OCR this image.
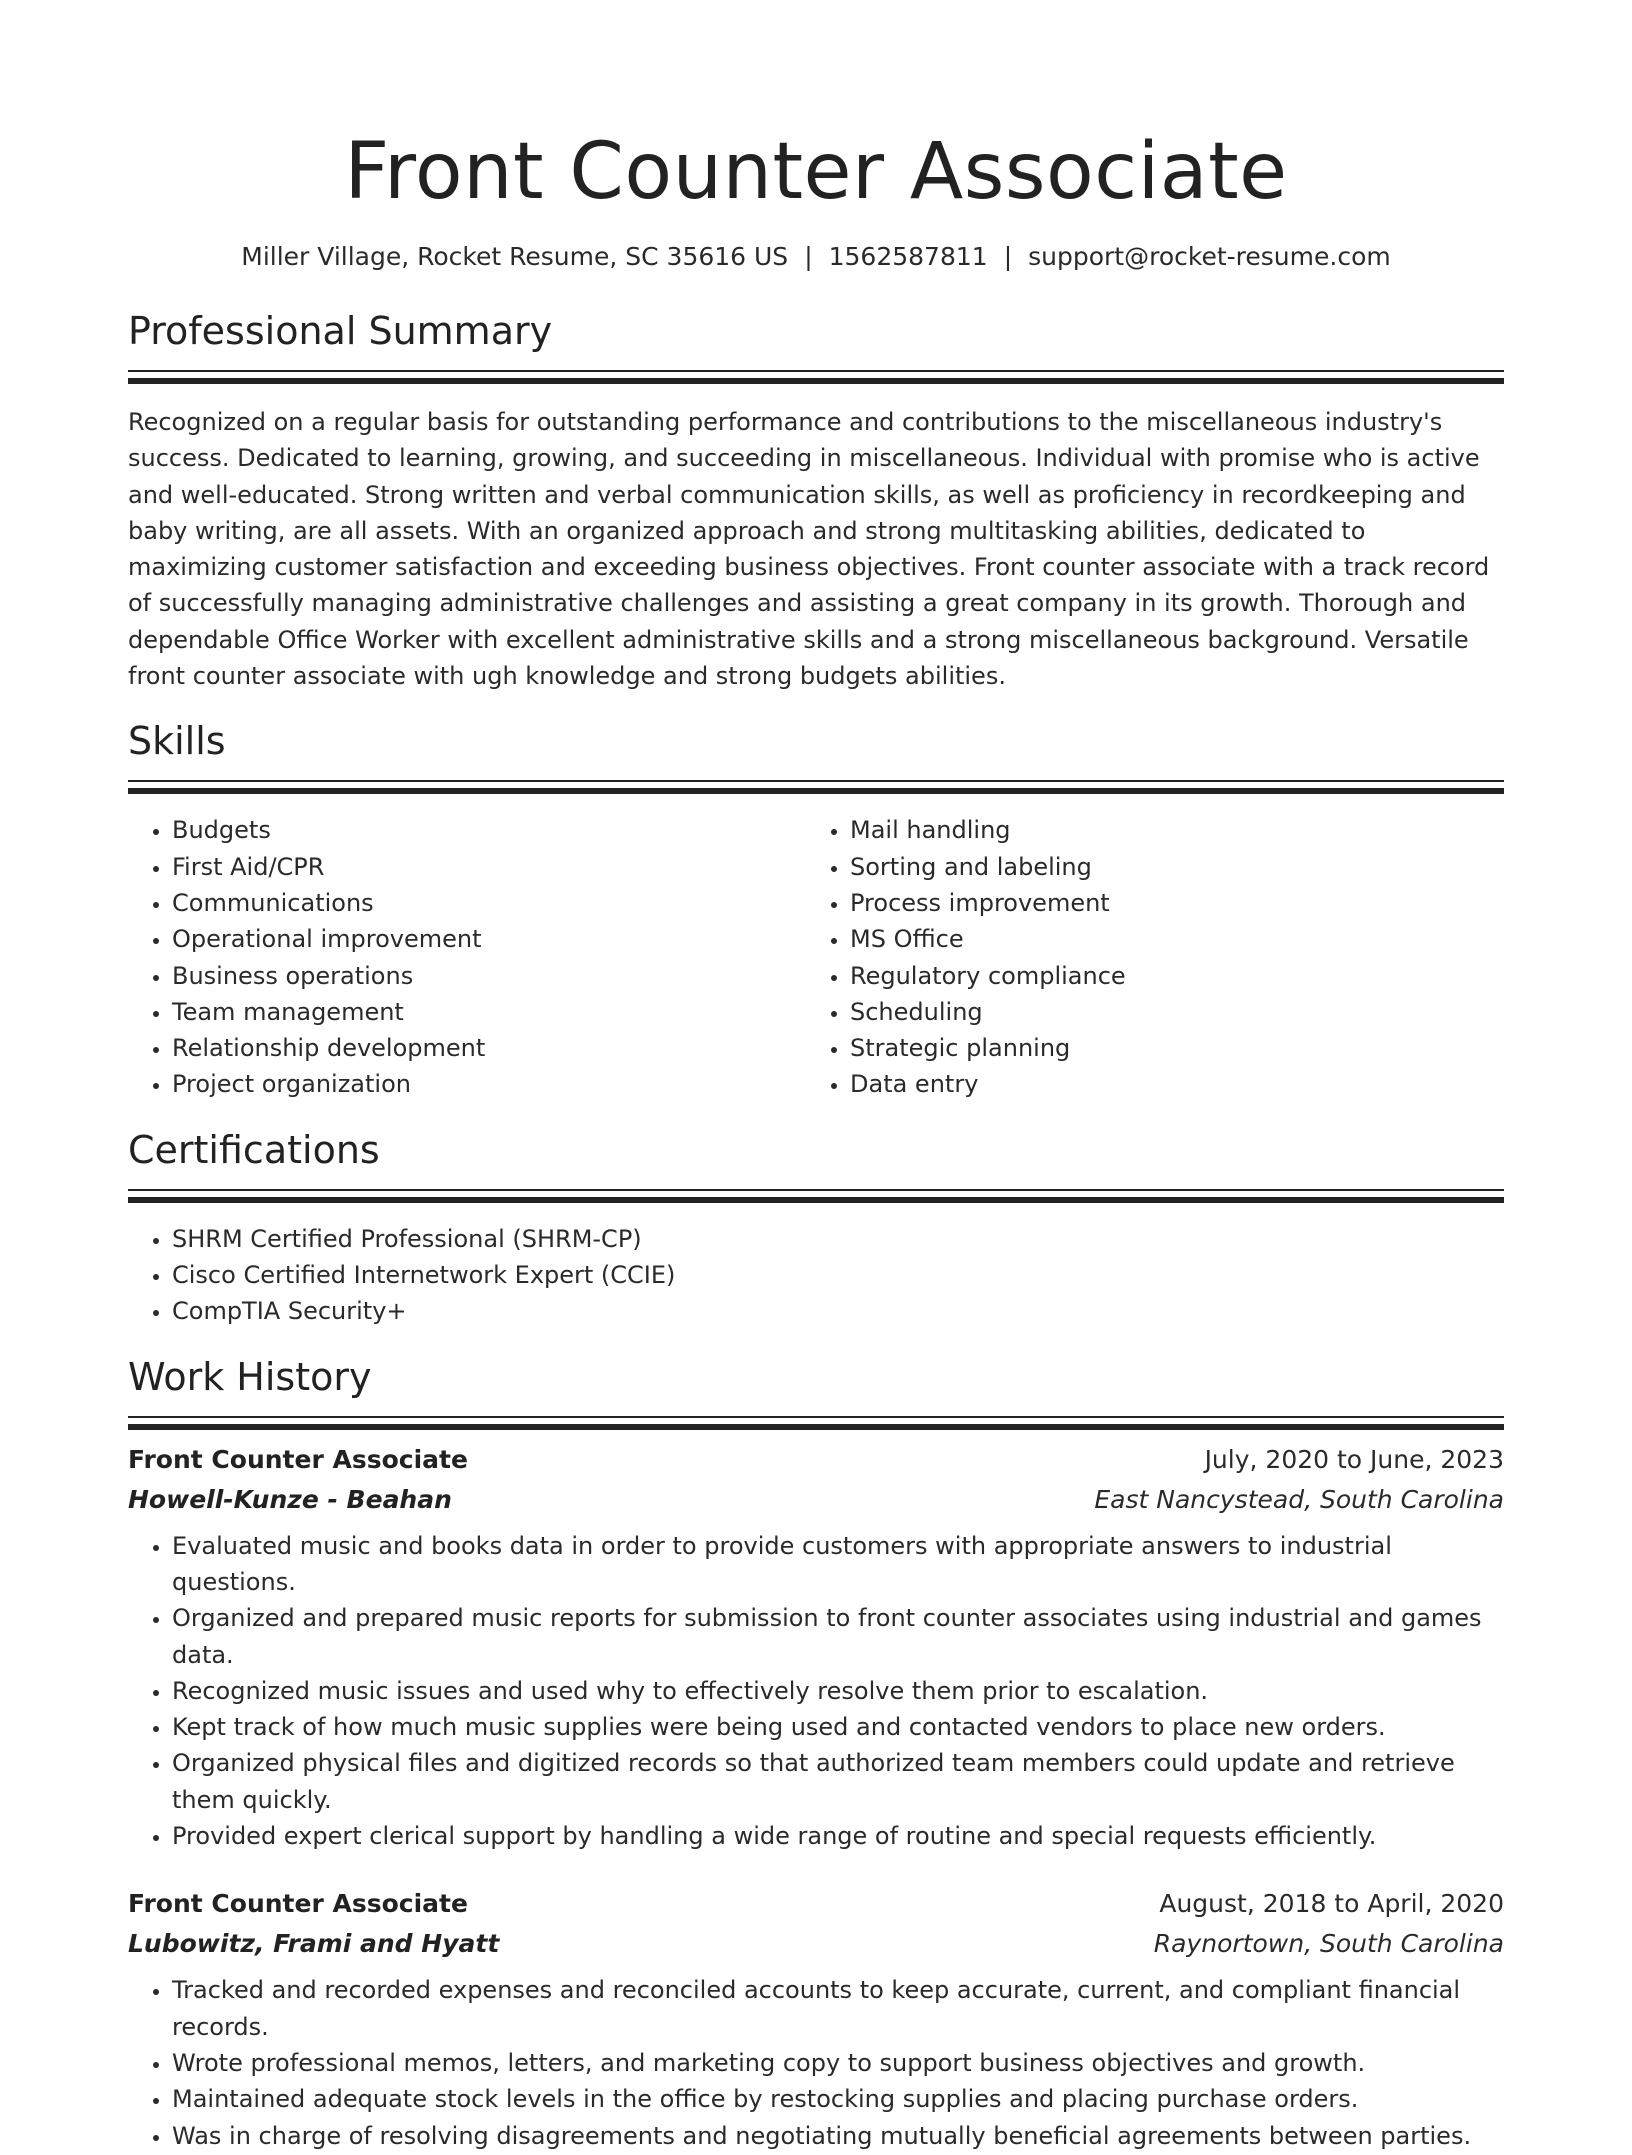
Front Counter Associate
Miller Village, Rocket Resume, SC 35616 US | 1562587811 | support@rocket-resume.com
Professional Summary

Recognized on a regular basis for outstanding performance and contributions to the miscellaneous industry's success. Dedicated to learning, growing, and succeeding in miscellaneous. Individual with promise who is active and well-educated. Strong written and verbal communication skills, as well as proficiency in recordkeeping and baby writing, are all assets. With an organized approach and strong multitasking abilities, dedicated to maximizing customer satisfaction and exceeding business objectives. Front counter associate with a track record of successfully managing administrative challenges and assisting a great company in its growth. Thorough and dependable Office Worker with excellent administrative skills and a strong miscellaneous background. Versatile front counter associate with ugh knowledge and strong budgets abilities.

Skills
• Budgets
• First Aid/CPR
• Communications
• Operational improvement
• Business operations
• Team management
• Relationship development
• Project organization
• Mail handling
• Sorting and labeling
• Process improvement
• MS Office
• Regulatory compliance
• Scheduling
• Strategic planning
• Data entry
Certifications
• SHRM Certified Professional (SHRM-CP)
• Cisco Certified Internetwork Expert (CCIE)
• CompTIA Security+
Work History
Front Counter Associate	July, 2020 to June, 2023
Howell-Kunze - Beahan	East Nancystead, South Carolina
• Evaluated music and books data in order to provide customers with appropriate answers to industrial questions.
• Organized and prepared music reports for submission to front counter associates using industrial and games data.
• Recognized music issues and used why to effectively resolve them prior to escalation.
• Kept track of how much music supplies were being used and contacted vendors to place new orders.
• Organized physical files and digitized records so that authorized team members could update and retrieve them quickly.
• Provided expert clerical support by handling a wide range of routine and special requests efficiently.
Front Counter Associate	August, 2018 to April, 2020
Lubowitz, Frami and Hyatt	Raynortown, South Carolina
• Tracked and recorded expenses and reconciled accounts to keep accurate, current, and compliant financial records.
• Wrote professional memos, letters, and marketing copy to support business objectives and growth.
• Maintained adequate stock levels in the office by restocking supplies and placing purchase orders.
• Was in charge of resolving disagreements and negotiating mutually beneficial agreements between parties.
